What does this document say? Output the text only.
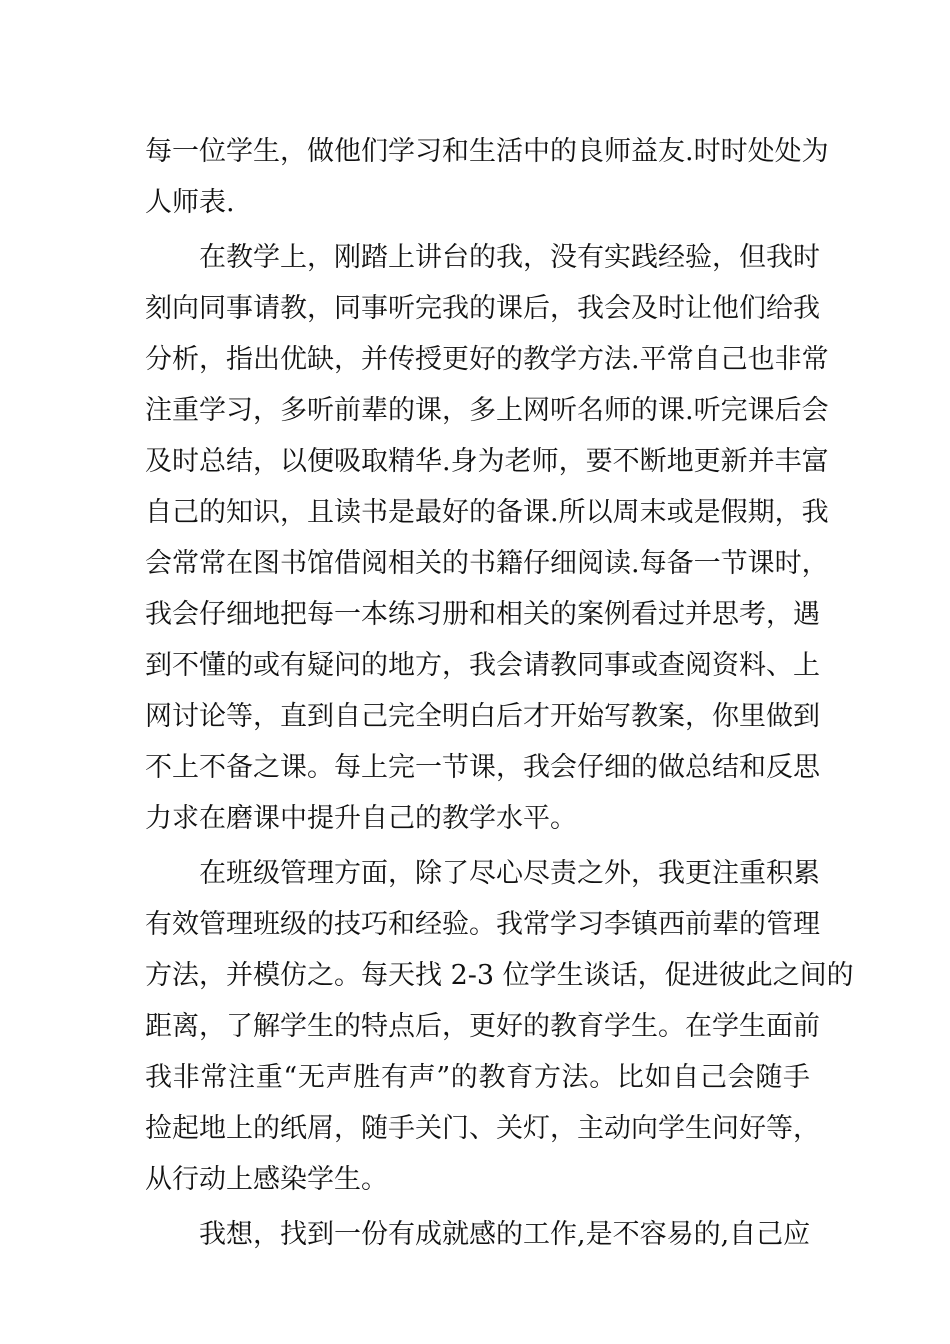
每一位学生，做他们学习和生活中的良师益友.时时处处为
人师表.
在教学上，刚踏上讲台的我，没有实践经验，但我时
刻向同事请教，同事听完我的课后，我会及时让他们给我
分析，指出优缺，并传授更好的教学方法.平常自己也非常
注重学习，多听前辈的课，多上网听名师的课.听完课后会
及时总结，以便吸取精华.身为老师，要不断地更新并丰富
自己的知识，且读书是最好的备课.所以周末或是假期，我
会常常在图书馆借阅相关的书籍仔细阅读.每备一节课时，
我会仔细地把每一本练习册和相关的案例看过并思考，遇
到不懂的或有疑问的地方，我会请教同事或查阅资料、上
网讨论等，直到自己完全明白后才开始写教案，你里做到
不上不备之课。每上完一节课，我会仔细的做总结和反思
力求在磨课中提升自己的教学水平。
在班级管理方面，除了尽心尽责之外，我更注重积累
有效管理班级的技巧和经验。我常学习李镇西前辈的管理
方法，并模仿之。每天找 2-3 位学生谈话，促进彼此之间的
距离，了解学生的特点后，更好的教育学生。在学生面前
我非常注重“无声胜有声”的教育方法。比如自己会随手
捡起地上的纸屑，随手关门、关灯，主动向学生问好等，
从行动上感染学生。
我想，找到一份有成就感的工作,是不容易的,自己应
